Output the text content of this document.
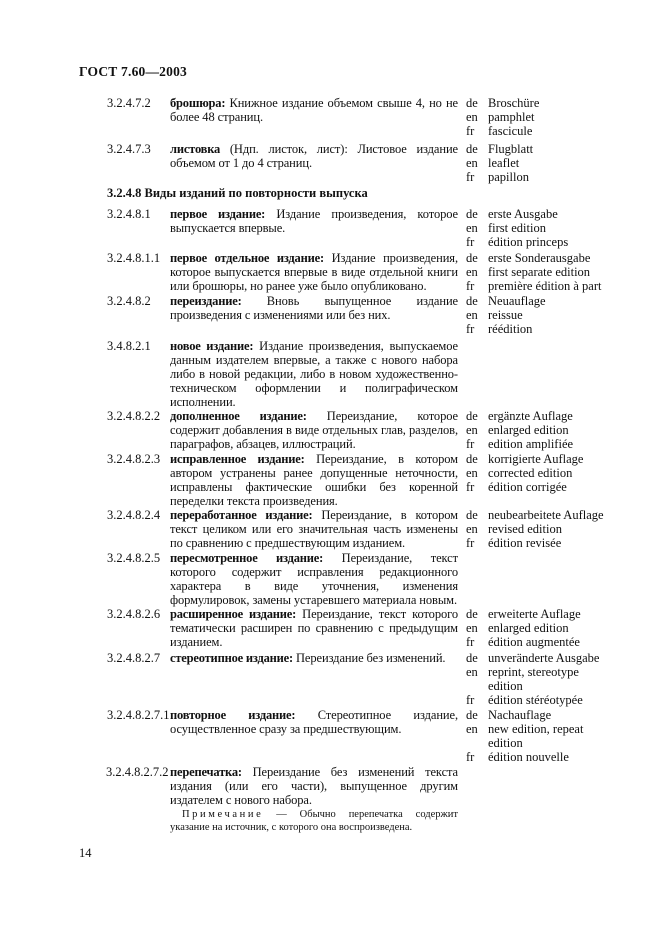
ГОСТ 7.60—2003
3.2.4.7.2 брошюра: Книжное издание объемом свыше 4, но не более 48 страниц.
de Broschüre
en pamphlet
fr	fascicule
3.2.4.7.3 листовка (Ндп. листок, лист): Листовое издание объемом от 1 до 4 страниц.
de Flugblatt
en leaflet
fr	papillon
3.2.4.8 Виды изданий по повторности выпуска
3.2.4.8.1 первое издание: Издание произведения, которое выпускается впервые.
de erste Ausgabe
en first edition
fr	édition princeps
3.2.4.8.1.1 первое отдельное издание: Издание произведения, которое выпускается впервые в виде отдельной книги или брошюры, но ранее уже было опубликовано.
de erste Sonderausgabe
en first separate edition
fr	première édition à part
3.2.4.8.2 переиздание: Вновь выпущенное издание произведения с изменениями или без них.
de Neuauflage
en reissue
fr	réédition
3.4.8.2.1 новое издание: Издание произведения, выпускаемое данным издателем впервые, а также с нового набора либо в новой редакции, либо в новом художественно-техническом оформлении и полиграфическом исполнении.
3.2.4.8.2.2 дополненное издание: Переиздание, которое содержит добавления в виде отдельных глав, разделов, параграфов, абзацев, иллюстраций.
de ergänzte Auflage
en enlarged edition
fr	edition amplifiée
3.2.4.8.2.3 исправленное издание: Переиздание, в котором автором устранены ранее допущенные неточности, исправлены фактические ошибки без коренной переделки текста произведения.
de korrigierte Auflage
en corrected edition
fr	édition corrigée
3.2.4.8.2.4 переработанное издание: Переиздание, в котором текст целиком или его значительная часть изменены по сравнению с предшествующим изданием.
de neubearbeitete Auflage
en revised edition
fr	édition revisée
3.2.4.8.2.5 пересмотренное издание: Переиздание, текст которого содержит исправления редакционного характера в виде уточнения, изменения формулировок, замены устаревшего материала новым.
3.2.4.8.2.6 расширенное издание: Переиздание, текст которого тематически расширен по сравнению с предыдущим изданием.
de erweiterte Auflage
en enlarged edition
fr	édition augmentée
3.2.4.8.2.7 стереотипное издание: Переиздание без изменений.	de unveränderte Ausgabe
en reprint, stereotype edition
fr	édition stéréotypée
3.2.4.8.2.7.1 повторное издание: Стереотипное издание, осуществленное сразу за предшествующим.
de Nachauflage
en new edition, repeat edition
fr	édition nouvelle
3.2.4.8.2.7.2 перепечатка: Переиздание без изменений текста издания (или его части), выпущенное другим издателем с нового набора.
Примечание — Обычно перепечатка содержит указание на источник, с которого она воспроизведена.
14
